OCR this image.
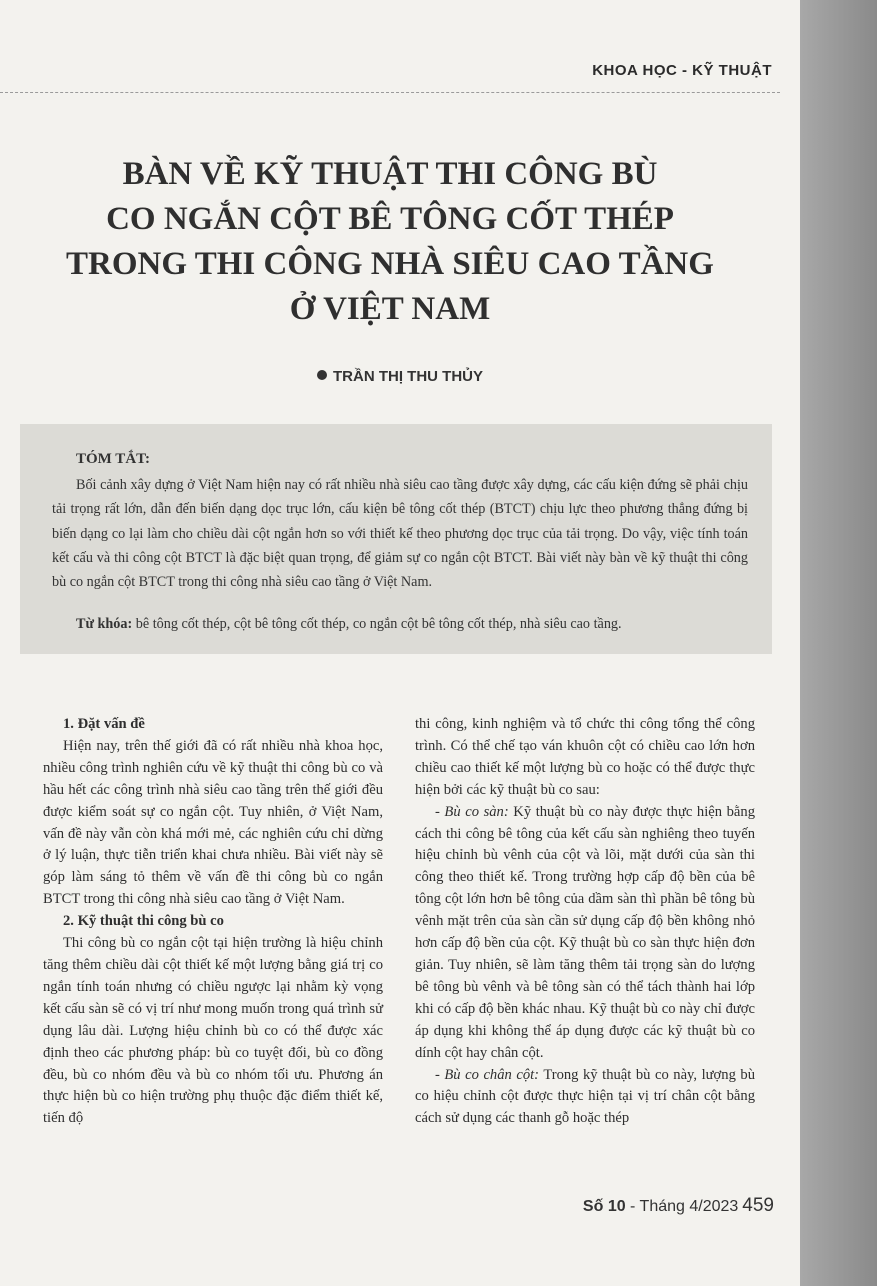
KHOA HỌC - KỸ THUẬT
BÀN VỀ KỸ THUẬT THI CÔNG BÙ
CO NGẮN CỘT BÊ TÔNG CỐT THÉP
TRONG THI CÔNG NHÀ SIÊU CAO TẦNG
Ở VIỆT NAM
TRẦN THỊ THU THỦY
TÓM TẮT:

Bối cảnh xây dựng ở Việt Nam hiện nay có rất nhiều nhà siêu cao tầng được xây dựng, các cấu kiện đứng sẽ phải chịu tải trọng rất lớn, dẫn đến biến dạng dọc trục lớn, cấu kiện bê tông cốt thép (BTCT) chịu lực theo phương thẳng đứng bị biến dạng co lại làm cho chiều dài cột ngắn hơn so với thiết kế theo phương dọc trục của tải trọng. Do vậy, việc tính toán kết cấu và thi công cột BTCT là đặc biệt quan trọng, để giảm sự co ngắn cột BTCT. Bài viết này bàn về kỹ thuật thi công bù co ngắn cột BTCT trong thi công nhà siêu cao tầng ở Việt Nam.

Từ khóa: bê tông cốt thép, cột bê tông cốt thép, co ngắn cột bê tông cốt thép, nhà siêu cao tầng.
1. Đặt vấn đề

Hiện nay, trên thế giới đã có rất nhiều nhà khoa học, nhiều công trình nghiên cứu về kỹ thuật thi công bù co và hầu hết các công trình nhà siêu cao tầng trên thế giới đều được kiểm soát sự co ngắn cột. Tuy nhiên, ở Việt Nam, vấn đề này vẫn còn khá mới mẻ, các nghiên cứu chỉ dừng ở lý luận, thực tiễn triển khai chưa nhiều. Bài viết này sẽ góp làm sáng tỏ thêm về vấn đề thi công bù co ngắn BTCT trong thi công nhà siêu cao tầng ở Việt Nam.

2. Kỹ thuật thi công bù co

Thi công bù co ngắn cột tại hiện trường là hiệu chỉnh tăng thêm chiều dài cột thiết kế một lượng bằng giá trị co ngắn tính toán nhưng có chiều ngược lại nhằm kỳ vọng kết cấu sàn sẽ có vị trí như mong muốn trong quá trình sử dụng lâu dài. Lượng hiệu chỉnh bù co có thể được xác định theo các phương pháp: bù co tuyệt đối, bù co đồng đều, bù co nhóm đều và bù co nhóm tối ưu. Phương án thực hiện bù co hiện trường phụ thuộc đặc điểm thiết kế, tiến độ

thi công, kinh nghiệm và tổ chức thi công tổng thể công trình. Có thể chế tạo ván khuôn cột có chiều cao lớn hơn chiều cao thiết kế một lượng bù co hoặc có thể được thực hiện bởi các kỹ thuật bù co sau:

- Bù co sàn: Kỹ thuật bù co này được thực hiện bằng cách thi công bê tông của kết cấu sàn nghiêng theo tuyến hiệu chỉnh bù vênh của cột và lõi, mặt dưới của sàn thi công theo thiết kế. Trong trường hợp cấp độ bền của bê tông cột lớn hơn bê tông của dầm sàn thì phần bê tông bù vênh mặt trên của sàn cần sử dụng cấp độ bền không nhỏ hơn cấp độ bền của cột. Kỹ thuật bù co sàn thực hiện đơn giản. Tuy nhiên, sẽ làm tăng thêm tải trọng sàn do lượng bê tông bù vênh và bê tông sàn có thể tách thành hai lớp khi có cấp độ bền khác nhau. Kỹ thuật bù co này chỉ được áp dụng khi không thể áp dụng được các kỹ thuật bù co dính cột hay chân cột.

- Bù co chân cột: Trong kỹ thuật bù co này, lượng bù co hiệu chỉnh cột được thực hiện tại vị trí chân cột bằng cách sử dụng các thanh gỗ hoặc thép

Số 10 - Tháng 4/2023 459
